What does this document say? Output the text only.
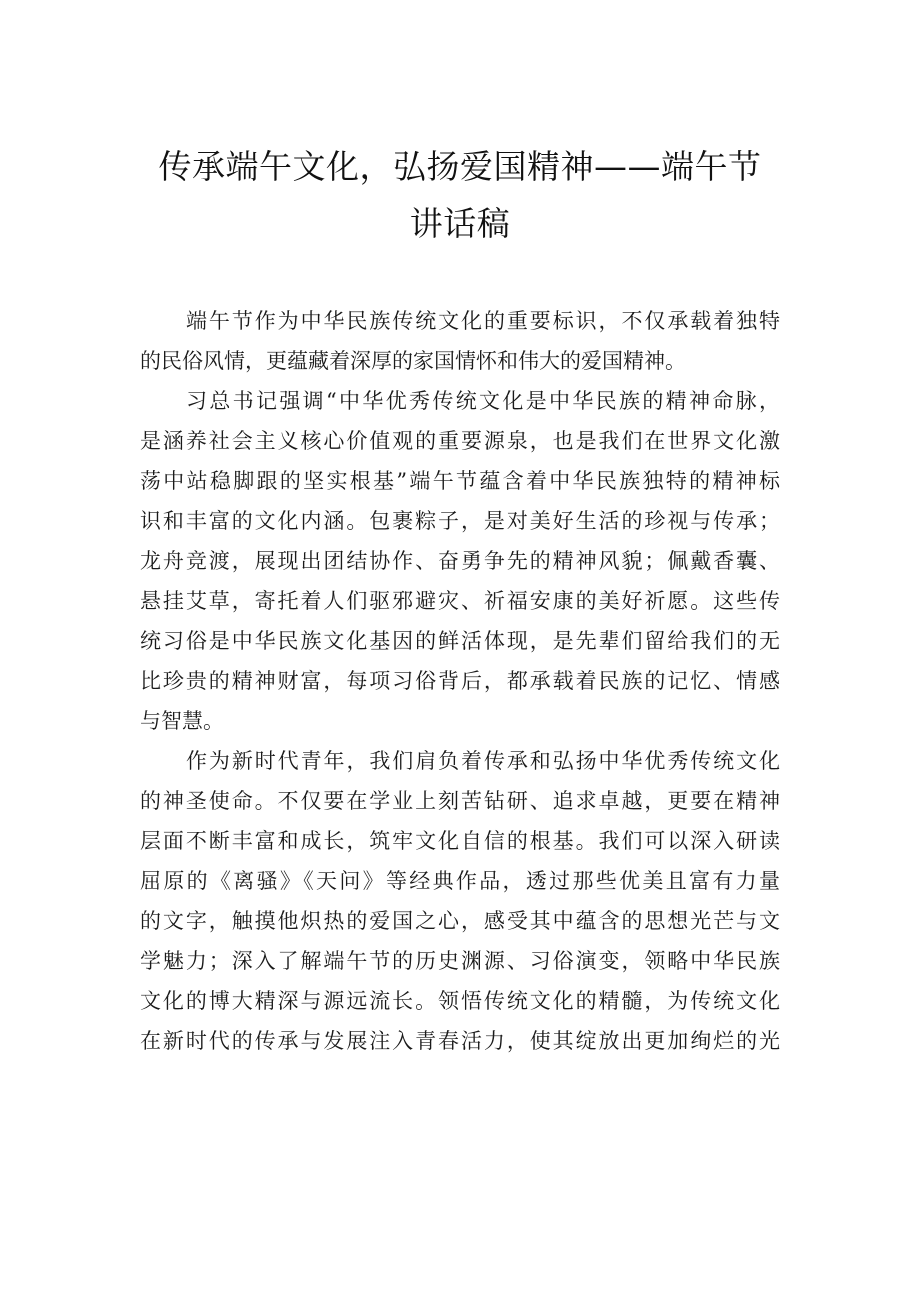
传承端午文化，弘扬爱国精神——端午节
讲话稿
端午节作为中华民族传统文化的重要标识，不仅承载着独特
的民俗风情，更蕴藏着深厚的家国情怀和伟大的爱国精神。
习总书记强调“中华优秀传统文化是中华民族的精神命脉，
是涵养社会主义核心价值观的重要源泉，也是我们在世界文化激
荡中站稳脚跟的坚实根基”端午节蕴含着中华民族独特的精神标
识和丰富的文化内涵。包裹粽子，是对美好生活的珍视与传承；
龙舟竞渡，展现出团结协作、奋勇争先的精神风貌；佩戴香囊、
悬挂艾草，寄托着人们驱邪避灾、祈福安康的美好祈愿。这些传
统习俗是中华民族文化基因的鲜活体现，是先辈们留给我们的无
比珍贵的精神财富，每项习俗背后，都承载着民族的记忆、情感
与智慧。
作为新时代青年，我们肩负着传承和弘扬中华优秀传统文化
的神圣使命。不仅要在学业上刻苦钻研、追求卓越，更要在精神
层面不断丰富和成长，筑牢文化自信的根基。我们可以深入研读
屈原的《离骚》《天问》等经典作品，透过那些优美且富有力量
的文字，触摸他炽热的爱国之心，感受其中蕴含的思想光芒与文
学魅力；深入了解端午节的历史渊源、习俗演变，领略中华民族
文化的博大精深与源远流长。领悟传统文化的精髓，为传统文化
在新时代的传承与发展注入青春活力，使其绽放出更加绚烂的光
